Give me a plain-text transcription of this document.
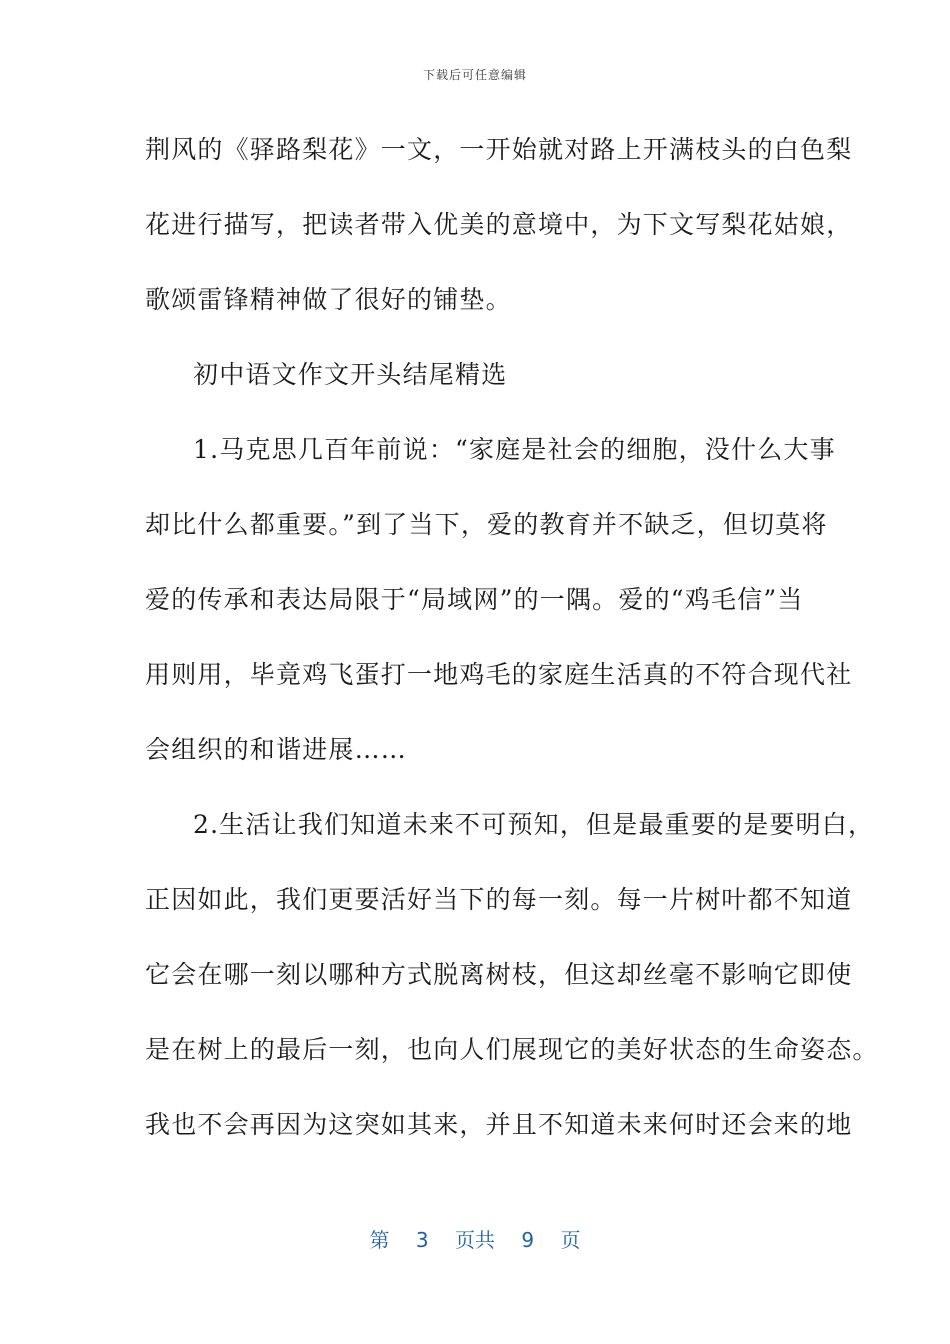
下载后可任意编辑
荆风的《驿路梨花》一文，一开始就对路上开满枝头的白色梨
花进行描写，把读者带入优美的意境中，为下文写梨花姑娘，
歌颂雷锋精神做了很好的铺垫。
初中语文作文开头结尾精选
1.马克思几百年前说：“家庭是社会的细胞，没什么大事
却比什么都重要。”到了当下，爱的教育并不缺乏，但切莫将
爱的传承和表达局限于“局域网”的一隅。爱的“鸡毛信”当
用则用，毕竟鸡飞蛋打一地鸡毛的家庭生活真的不符合现代社
会组织的和谐进展……
2.生活让我们知道未来不可预知，但是最重要的是要明白，
正因如此，我们更要活好当下的每一刻。每一片树叶都不知道
它会在哪一刻以哪种方式脱离树枝，但这却丝毫不影响它即使
是在树上的最后一刻，也向人们展现它的美好状态的生命姿态。
我也不会再因为这突如其来，并且不知道未来何时还会来的地
第 3 页共 9 页
